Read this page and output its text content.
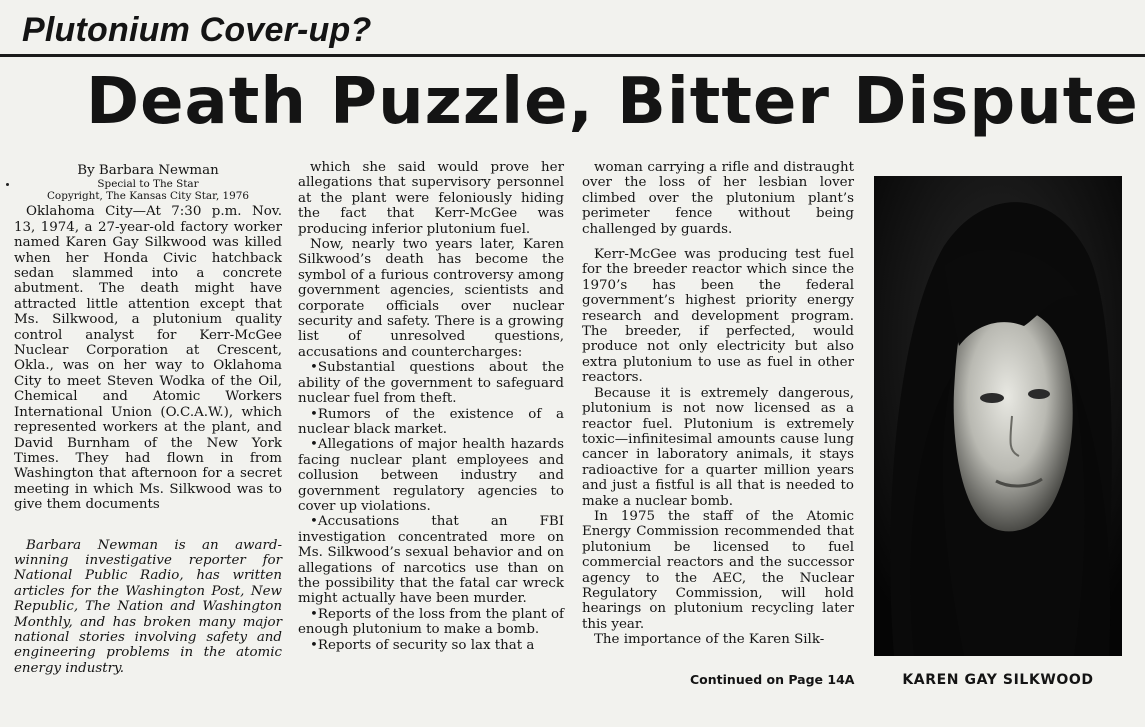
Plutonium Cover-up?
Death Puzzle, Bitter Dispute

By Barbara Newman

Special to The Star
Copyright, The Kansas City Star, 1976

Oklahoma City—At 7:30 p.m. Nov. 13, 1974, a 27-year-old factory worker named Karen Gay Silkwood was killed when her Honda Civic hatchback sedan slammed into a concrete abutment. The death might have attracted little attention except that Ms. Silkwood, a plutonium quality control analyst for Kerr-McGee Nuclear Corporation at Crescent, Okla., was on her way to Oklahoma City to meet Steven Wodka of the Oil, Chemical and Atomic Workers International Union (O.C.A.W.), which represented workers at the plant, and David Burnham of the New York Times. They had flown in from Washington that afternoon for a secret meeting in which Ms. Silkwood was to give them documents

Barbara Newman is an award-winning investigative reporter for National Public Radio, has written articles for the Washington Post, New Republic, The Nation and Washington Monthly, and has broken many major national stories involving safety and engineering problems in the atomic energy industry.

which she said would prove her allegations that supervisory personnel at the plant were feloniously hiding the fact that Kerr-McGee was producing inferior plutonium fuel.

Now, nearly two years later, Karen Silkwood’s death has become the symbol of a furious controversy among government agencies, scientists and corporate officials over nuclear security and safety. There is a growing list of unresolved questions, accusations and countercharges:

• Substantial questions about the ability of the government to safeguard nuclear fuel from theft.

• Rumors of the existence of a nuclear black market.

• Allegations of major health hazards facing nuclear plant employees and collusion between industry and government regulatory agencies to cover up violations.

• Accusations that an FBI investigation concentrated more on Ms. Silkwood’s sexual behavior and on allegations of narcotics use than on the possibility that the fatal car wreck might actually have been murder.

• Reports of the loss from the plant of enough plutonium to make a bomb.

• Reports of security so lax that a

woman carrying a rifle and distraught over the loss of her lesbian lover climbed over the plutonium plant’s perimeter fence without being challenged by guards.

Kerr-McGee was producing test fuel for the breeder reactor which since the 1970’s has been the federal government’s highest priority energy research and development program. The breeder, if perfected, would produce not only electricity but also extra plutonium to use as fuel in other reactors.

Because it is extremely dangerous, plutonium is not now licensed as a reactor fuel. Plutonium is extremely toxic—infinitesimal amounts cause lung cancer in laboratory animals, it stays radioactive for a quarter million years and just a fistful is all that is needed to make a nuclear bomb.

In 1975 the staff of the Atomic Energy Commission recommended that plutonium be licensed to fuel commercial reactors and the successor agency to the AEC, the Nuclear Regulatory Commission, will hold hearings on plutonium recycling later this year.

The importance of the Karen Silk-

Continued on Page 14A	KAREN GAY SILKWOOD
